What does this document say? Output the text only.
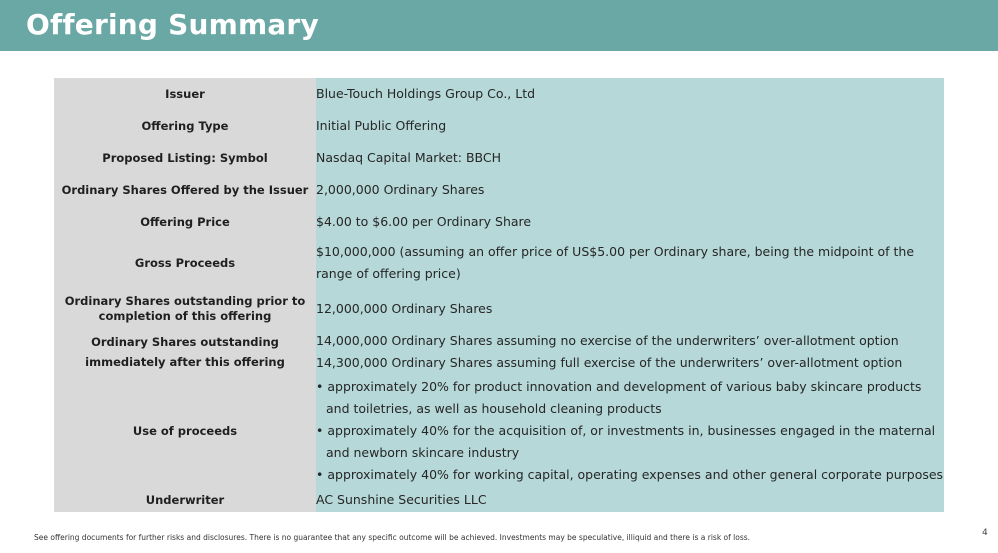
Offering Summary
Issuer	Blue-Touch Holdings Group Co., Ltd
Offering Type	Initial Public Offering
Proposed Listing: Symbol	Nasdaq Capital Market: BBCH
Ordinary Shares Offered by the Issuer	2,000,000 Ordinary Shares
Offering Price	$4.00 to $6.00 per Ordinary Share
Gross Proceeds	$10,000,000 (assuming an offer price of US$5.00 per Ordinary share, being the midpoint of the range of offering price)
Ordinary Shares outstanding prior to completion of this offering	12,000,000 Ordinary Shares
Ordinary Shares outstanding immediately after this offering	14,000,000 Ordinary Shares assuming no exercise of the underwriters’ over-allotment option
14,300,000 Ordinary Shares assuming full exercise of the underwriters’ over-allotment option

Use of proceeds	• approximately 20% for product innovation and development of various baby skincare products
and toiletries, as well as household cleaning products
• approximately 40% for the acquisition of, or investments in, businesses engaged in the maternal
and newborn skincare industry
• approximately 40% for working capital, operating expenses and other general corporate purposes

Underwriter	AC Sunshine Securities LLC

See offering documents for further risks and disclosures. There is no guarantee that any specific outcome will be achieved. Investments may be speculative, illiquid and there is a risk of loss.	4
